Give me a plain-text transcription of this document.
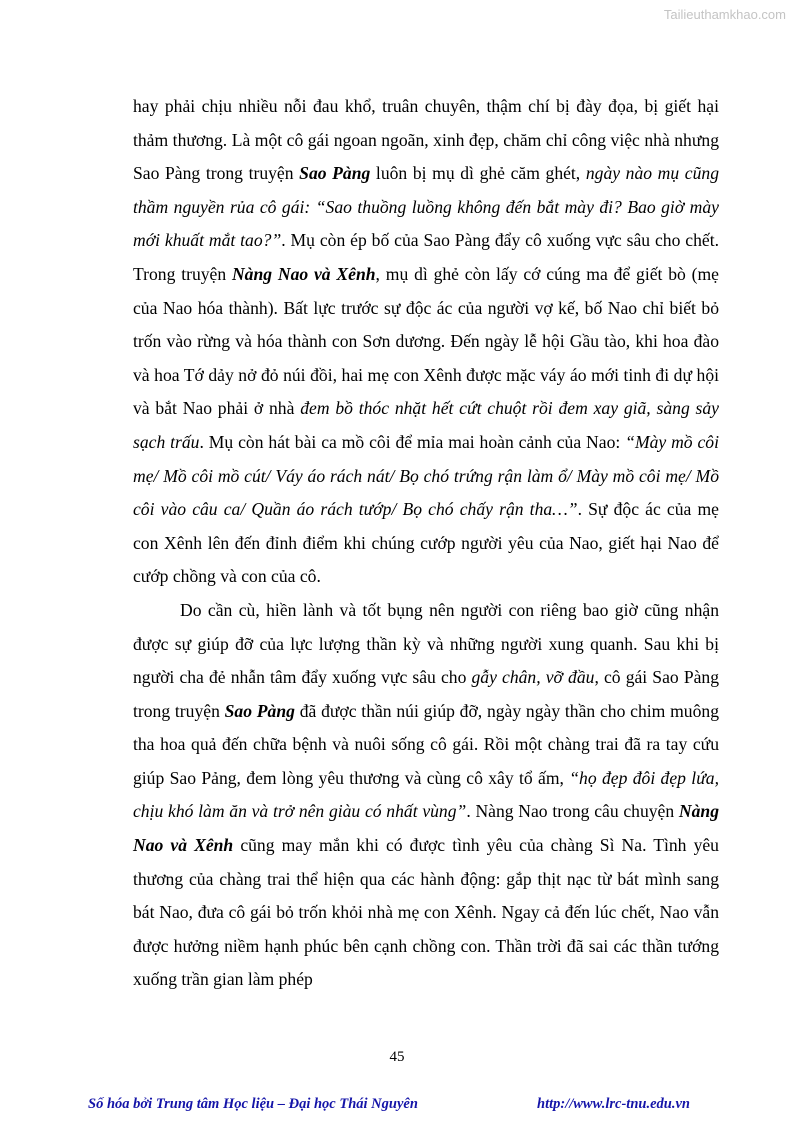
Tailieuthamkhao.com

hay phải chịu nhiều nỗi đau khổ, truân chuyên, thậm chí bị đày đọa, bị giết hại thảm thương. Là một cô gái ngoan ngoãn, xinh đẹp, chăm chỉ công việc nhà nhưng Sao Pàng trong truyện Sao Pàng luôn bị mụ dì ghẻ căm ghét, ngày nào mụ cũng thầm nguyền rủa cô gái: “Sao thuồng luồng không đến bắt mày đi? Bao giờ mày mới khuất mắt tao?”. Mụ còn ép bố của Sao Pàng đẩy cô xuống vực sâu cho chết. Trong truyện Nàng Nao và Xênh, mụ dì ghẻ còn lấy cớ cúng ma để giết bò (mẹ của Nao hóa thành). Bất lực trước sự độc ác của người vợ kế, bố Nao chỉ biết bỏ trốn vào rừng và hóa thành con Sơn dương. Đến ngày lễ hội Gầu tào, khi hoa đào và hoa Tớ dảy nở đỏ núi đồi, hai mẹ con Xênh được mặc váy áo mới tinh đi dự hội và bắt Nao phải ở nhà đem bồ thóc nhặt hết cứt chuột rồi đem xay giã, sàng sảy sạch trấu. Mụ còn hát bài ca mồ côi để mỉa mai hoàn cảnh của Nao: “Mày mồ côi mẹ/ Mồ côi mồ cút/ Váy áo rách nát/ Bọ chó trứng rận làm ổ/ Mày mồ côi mẹ/ Mồ côi vào câu ca/ Quần áo rách tướp/ Bọ chó chấy rận tha…”. Sự độc ác của mẹ con Xênh lên đến đỉnh điểm khi chúng cướp người yêu của Nao, giết hại Nao để cướp chồng và con của cô.

Do cần cù, hiền lành và tốt bụng nên người con riêng bao giờ cũng nhận được sự giúp đỡ của lực lượng thần kỳ và những người xung quanh. Sau khi bị người cha đẻ nhẫn tâm đẩy xuống vực sâu cho gẫy chân, vỡ đầu, cô gái Sao Pàng trong truyện Sao Pàng đã được thần núi giúp đỡ, ngày ngày thần cho chim muông tha hoa quả đến chữa bệnh và nuôi sống cô gái. Rồi một chàng trai đã ra tay cứu giúp Sao Pảng, đem lòng yêu thương và cùng cô xây tổ ấm, “họ đẹp đôi đẹp lứa, chịu khó làm ăn và trở nên giàu có nhất vùng”. Nàng Nao trong câu chuyện Nàng Nao và Xênh cũng may mắn khi có được tình yêu của chàng Sì Na. Tình yêu thương của chàng trai thể hiện qua các hành động: gắp thịt nạc từ bát mình sang bát Nao, đưa cô gái bỏ trốn khỏi nhà mẹ con Xênh. Ngay cả đến lúc chết, Nao vẫn được hưởng niềm hạnh phúc bên cạnh chồng con. Thần trời đã sai các thần tướng xuống trần gian làm phép

45
Số hóa bởi Trung tâm Học liệu – Đại học Thái Nguyên	http://www.lrc-tnu.edu.vn
